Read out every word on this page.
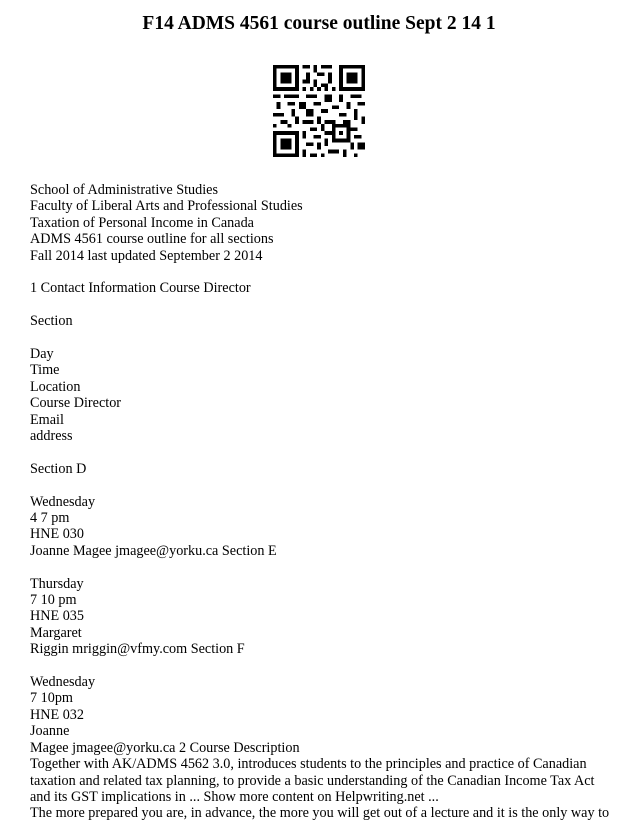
F14 ADMS 4561 course outline Sept 2 14 1
School of Administrative Studies
Faculty of Liberal Arts and Professional Studies
Taxation of Personal Income in Canada
ADMS 4561 course outline for all sections
Fall 2014 last updated September 2 2014
1 Contact Information Course Director
Section
Day
Time
Location
Course Director
Email
address
Section D
Wednesday
4 7 pm
HNE 030
Joanne Magee jmagee@yorku.ca Section E
Thursday
7 10 pm
HNE 035
Margaret
Riggin mriggin@vfmy.com Section F
Wednesday
7 10pm
HNE 032
Joanne
Magee jmagee@yorku.ca 2 Course Description
Together with AK/ADMS 4562 3.0, introduces students to the principles and practice of Canadian
taxation and related tax planning, to provide a basic understanding of the Canadian Income Tax Act
and its GST implications in ... Show more content on Helpwriting.net ...
The more prepared you are, in advance, the more you will get out of a lecture and it is the only way to
